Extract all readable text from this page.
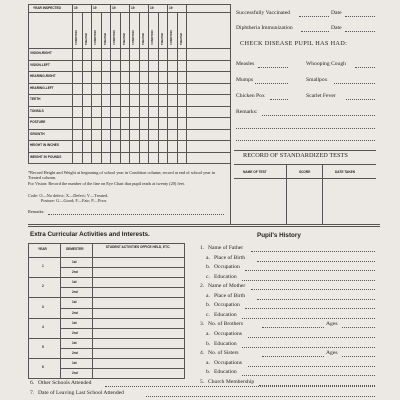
YEAR INSPECTED	19	19	19	19	19	19
CONDITION	TREATED	CONDITION	TREATED	CONDITION	TREATED	CONDITION	TREATED	CONDITION	TREATED	CONDITION	TREATED
VISION-RIGHT
VISION-LEFT
HEARING-RIGHT
HEARING-LEFT
TEETH
TONSILS
POSTURE
GROWTH
HEIGHT IN INCHES
WEIGHT IN POUNDS
*Record Height and Weight at beginning of school year in Condition column; record at end of school year in Treated column.
For Vision: Record the number of the line on Eye Chart that pupil reads at twenty (20) feet.
Code: O—No defect; X—Defect; V—Treated.
Posture: G—Good; F—Fair; P—Poor.
Remarks:
Successfully Vaccinated	Date
Diphtheria Immunization	Date
CHECK DISEASE PUPIL HAS HAD:
Measles	Whooping Cough
Mumps	Smallpox
Chicken Pox	Scarlet Fever
Remarks:
RECORD OF STANDARDIZED TESTS
NAME OF TEST	SCORE	DATE TAKEN
Extra Curricular Activities and Interests.
YEAR	SEMESTER	STUDENT ACTIVITIES OFFICE HELD, ETC.
1
1st
2nd
2
1st
2nd
3
1st
2nd
4
1st
2nd
5
1st
2nd
6
1st
2nd
Pupil's History
1. Name of Father
a. Place of Birth
b. Occupation
c. Education
2. Name of Mother
a. Place of Birth
b. Occupation
c. Education
3. No. of Brothers	Ages
a. Occupations
b. Education
4. No. of Sisters	Ages
a. Occupations
b. Education
5. Church Membership
6. Other Schools Attended
7. Date of Leaving Last School Attended
